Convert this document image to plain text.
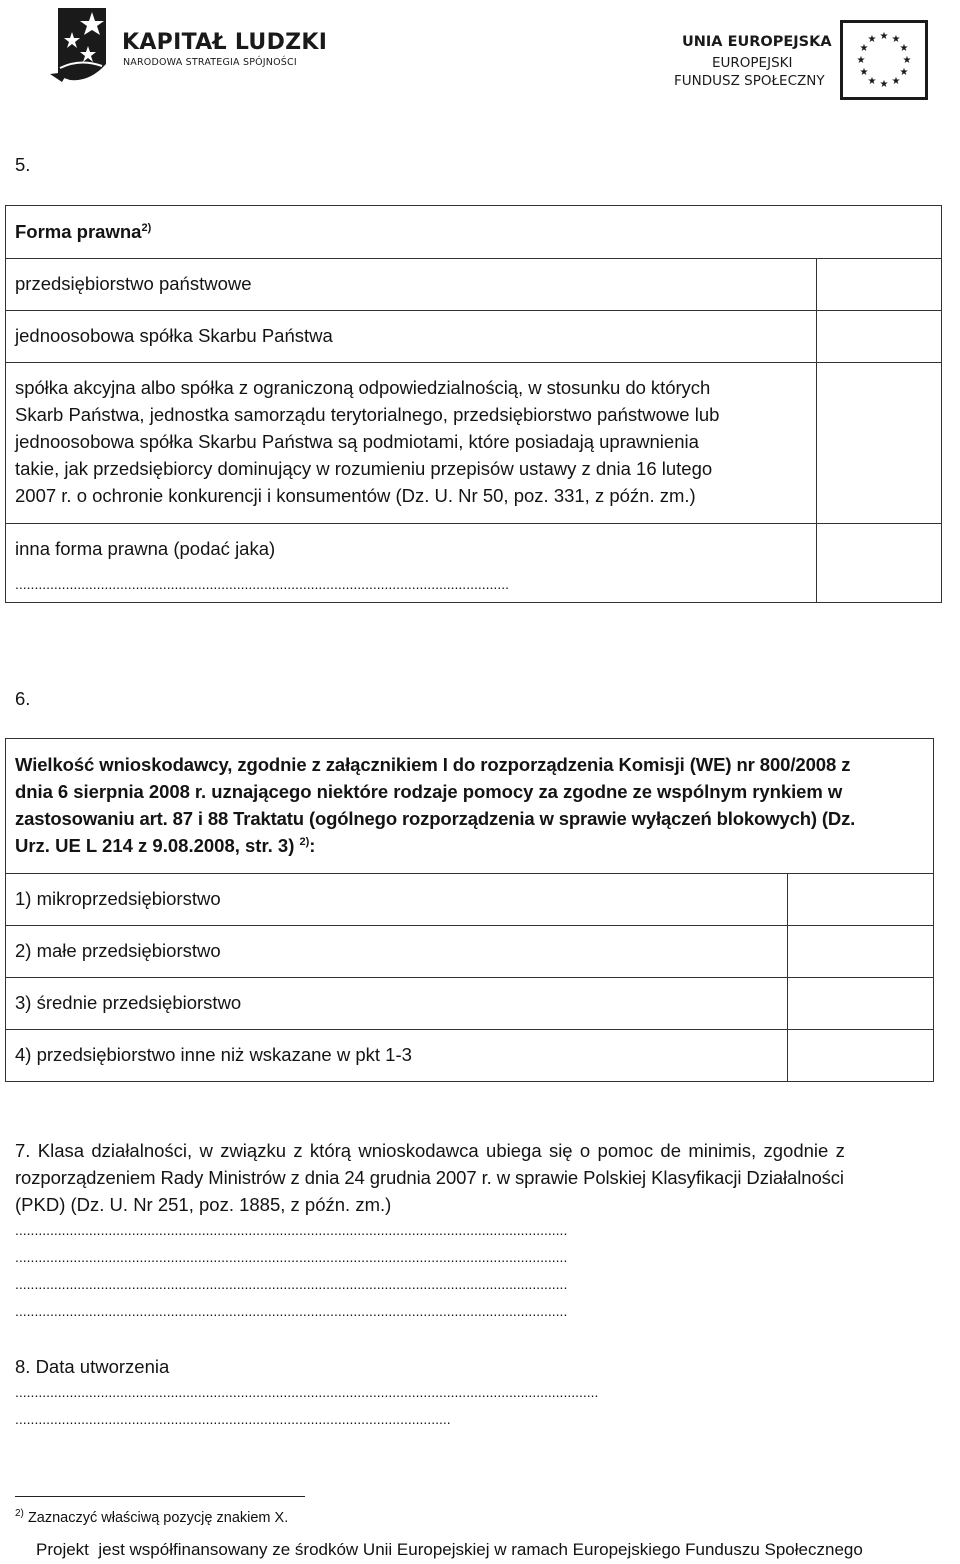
KAPITAŁ LUDZKI
NARODOWA STRATEGIA SPÓJNOŚCI
UNIA EUROPEJSKA
EUROPEJSKI
FUNDUSZ SPOŁECZNY
★ ★
★
★
★
★
★
★
★
★
★
★
5.
Forma prawna$^{2)}$
przedsiębiorstwo państwowe
jednoosobowa spółka Skarbu Państwa
spółka akcyjna albo spółka z ograniczoną odpowiedzialnością, w stosunku do których
Skarb Państwa, jednostka samorządu terytorialnego, przedsiębiorstwo państwowe lub
jednoosobowa spółka Skarbu Państwa są podmiotami, które posiadają uprawnienia
takie, jak przedsiębiorcy dominujący w rozumieniu przepisów ustawy z dnia 16 lutego
2007 r. o ochronie konkurencji i konsumentów (Dz. U. Nr 50, poz. 331, z późn. zm.)
inna forma prawna (podać jaka)
...............................................................................................................................
6.
Wielkość wnioskodawcy, zgodnie z załącznikiem I do rozporządzenia Komisji (WE) nr 800/2008 z
dnia 6 sierpnia 2008 r. uznającego niektóre rodzaje pomocy za zgodne ze wspólnym rynkiem w
zastosowaniu art. 87 i 88 Traktatu (ogólnego rozporządzenia w sprawie wyłączeń blokowych) (Dz.
Urz. UE L 214 z 9.08.2008, str. 3) $^{2)}$:
1) mikroprzedsiębiorstwo
2) małe przedsiębiorstwo
3) średnie przedsiębiorstwo
4) przedsiębiorstwo inne niż wskazane w pkt 1-3
7. Klasa działalności, w związku z którą wnioskodawca ubiega się o pomoc de minimis, zgodnie z
rozporządzeniem Rady Ministrów z dnia 24 grudnia 2007 r. w sprawie Polskiej Klasyfikacji Działalności
(PKD) (Dz. U. Nr 251, poz. 1885, z późn. zm.)
..............................................................................................................................................
..............................................................................................................................................
..............................................................................................................................................
..............................................................................................................................................
8. Data utworzenia
......................................................................................................................................................
................................................................................................................
$^{2)}$ Zaznaczyć właściwą pozycję znakiem X.
Projekt  jest współfinansowany ze środków Unii Europejskiej w ramach Europejskiego Funduszu Społecznego
